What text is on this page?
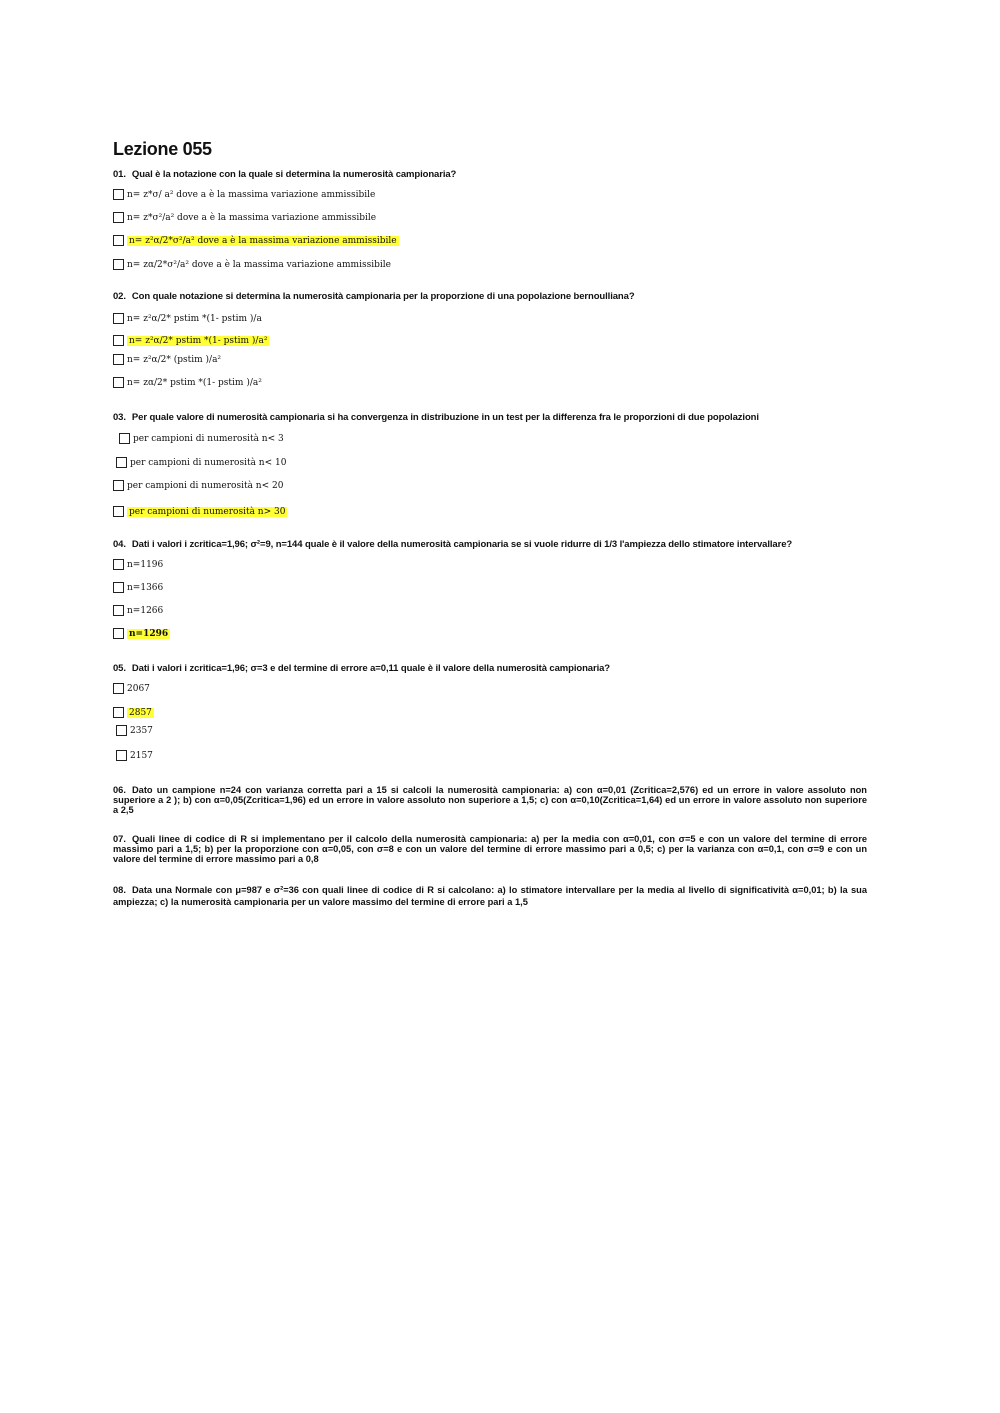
Lezione 055
01. Qual è la notazione con la quale si determina la numerosità campionaria?
n= z*σ/ a² dove a è la massima variazione ammissibile
n= z*σ²/a² dove a è la massima variazione ammissibile
n= z²α/2*σ²/a² dove a è la massima variazione ammissibile
n= zα/2*σ²/a² dove a è la massima variazione ammissibile
02. Con quale notazione si determina la numerosità campionaria per la proporzione di una popolazione bernoulliana?
n= z²α/2* pstim *(1- pstim )/a
n= z²α/2* pstim *(1- pstim )/a²
n= z²α/2* (pstim )/a²
n= zα/2* pstim *(1- pstim )/a²
03. Per quale valore di numerosità campionaria si ha convergenza in distribuzione in un test per la differenza fra le proporzioni di due popolazioni
per campioni di numerosità n< 3
per campioni di numerosità n< 10
per campioni di numerosità n< 20
per campioni di numerosità n> 30
04. Dati i valori i zcritica=1,96; σ²=9, n=144 quale è il valore della numerosità campionaria se si vuole ridurre di 1/3 l'ampiezza dello stimatore intervallare?
n=1196
n=1366
n=1266
n=1296
05. Dati i valori i zcritica=1,96; σ=3 e del termine di errore a=0,11 quale è il valore della numerosità campionaria?
2067
2857
2357
2157
06. Dato un campione n=24 con varianza corretta pari a 15 si calcoli la numerosità campionaria: a) con α=0,01 (Zcritica=2,576) ed un errore in valore assoluto non superiore a 2 ); b) con α=0,05(Zcritica=1,96) ed un errore in valore assoluto non superiore a 1,5; c) con α=0,10(Zcritica=1,64) ed un errore in valore assoluto non superiore a 2,5
07. Quali linee di codice di R si implementano per il calcolo della numerosità campionaria: a) per la media con α=0,01, con σ=5 e con un valore del termine di errore massimo pari a 1,5; b) per la proporzione con α=0,05, con σ=8 e con un valore del termine di errore massimo pari a 0,5; c) per la varianza con α=0,1, con σ=9 e con un valore del termine di errore massimo pari a 0,8
08. Data una Normale con μ=987 e σ²=36 con quali linee di codice di R si calcolano: a) lo stimatore intervallare per la media al livello di significatività α=0,01; b) la sua ampiezza; c) la numerosità campionaria per un valore massimo del termine di errore pari a 1,5
